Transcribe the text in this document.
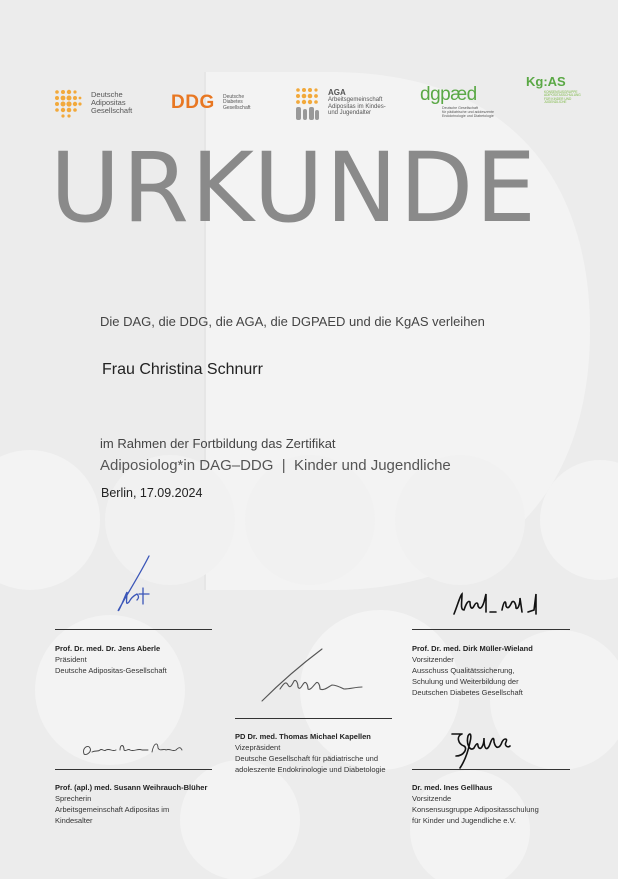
Deutsche
Adipositas
Gesellschaft DDG Deutsche
Diabetes
Gesellschaft
AGA
Arbeitsgemeinschaft
Adipositas im Kindes-
und Jugendalter
dgpæd
Deutsche Gesellschaft
für pädiatrische und adoleszente
Endokrinologie und Diabetologie
Kg:AS
KONSENSUSGRUPPE
ADIPOSITASSCHULUNG
FÜR KINDER UND
JUGENDLICHE
URKUNDE
Die DAG, die DDG, die AGA, die DGPAED und die KgAS verleihen
Frau Christina Schnurr
im Rahmen der Fortbildung das Zertifikat
Adiposiolog*in DAG–DDG  |  Kinder und Jugendliche
Berlin, 17.09.2024
Prof. Dr. med. Dr. Jens Aberle
Präsident
Deutsche Adipositas-Gesellschaft
Prof. Dr. med. Dirk Müller-Wieland
Vorsitzender
Ausschuss Qualitätssicherung,
Schulung und Weiterbildung der
Deutschen Diabetes Gesellschaft
PD Dr. med. Thomas Michael Kapellen
Vizepräsident
Deutsche Gesellschaft für pädiatrische und
adoleszente Endokrinologie und Diabetologie
Prof. (apl.) med. Susann Weihrauch-Blüher
Sprecherin
Arbeitsgemeinschaft Adipositas im
Kindesalter
Dr. med. Ines Gellhaus
Vorsitzende
Konsensusgruppe Adipositasschulung
für Kinder und Jugendliche e.V.
